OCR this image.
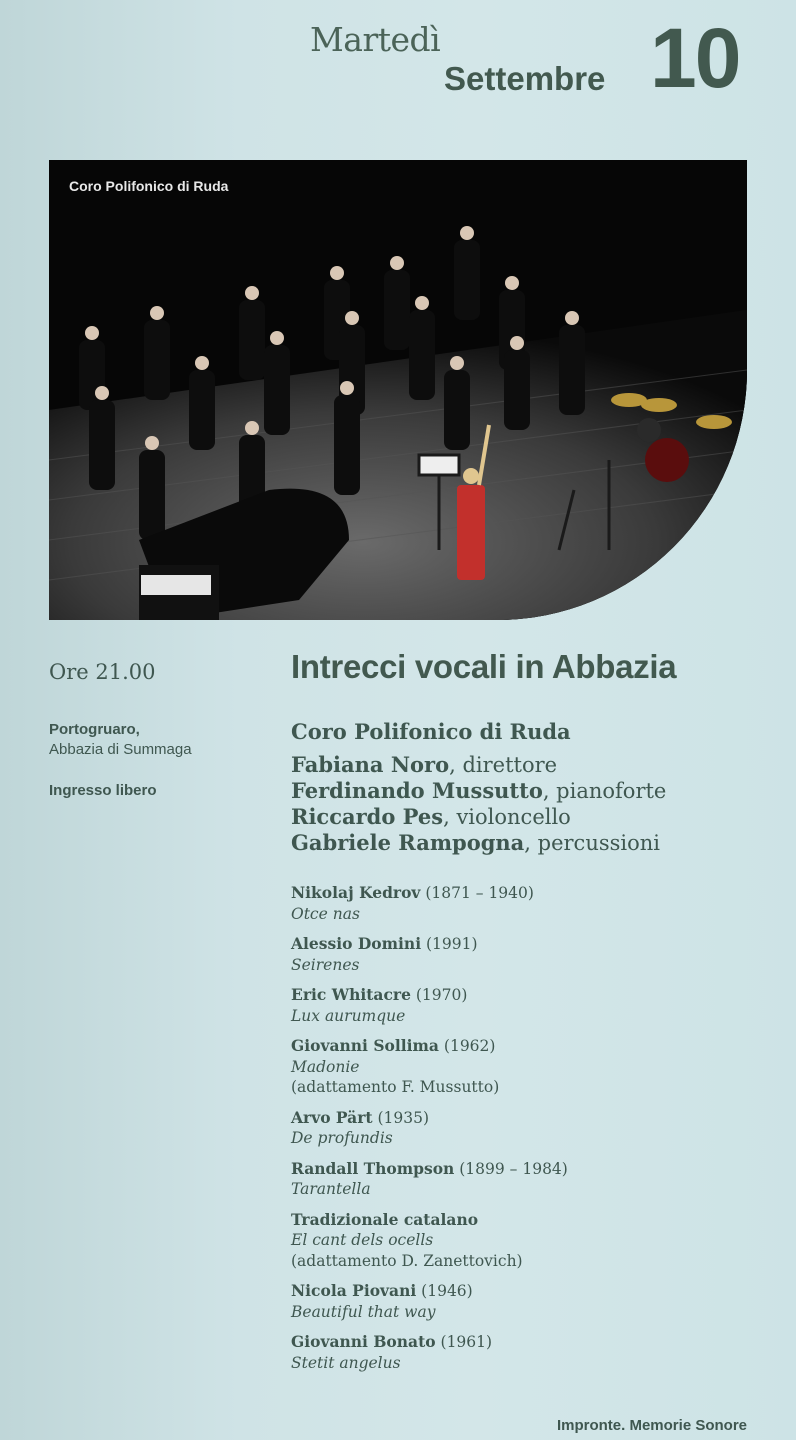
Martedì
Settembre 10
Coro Polifonico di Ruda
Ore 21.00
Portogruaro,
Abbazia di Summaga
Ingresso libero
Intrecci vocali in Abbazia
Coro Polifonico di Ruda
Fabiana Noro, direttore
Ferdinando Mussutto, pianoforte
Riccardo Pes, violoncello
Gabriele Rampogna, percussioni
Nikolaj Kedrov (1871 – 1940)
Otce nas
Alessio Domini (1991)
Seirenes
Eric Whitacre (1970)
Lux aurumque
Giovanni Sollima (1962)
Madonie
(adattamento F. Mussutto)
Arvo Pärt (1935)
De profundis
Randall Thompson (1899 – 1984)
Tarantella
Tradizionale catalano
El cant dels ocells
(adattamento D. Zanettovich)
Nicola Piovani (1946)
Beautiful that way
Giovanni Bonato (1961)
Stetit angelus
Impronte. Memorie Sonore
